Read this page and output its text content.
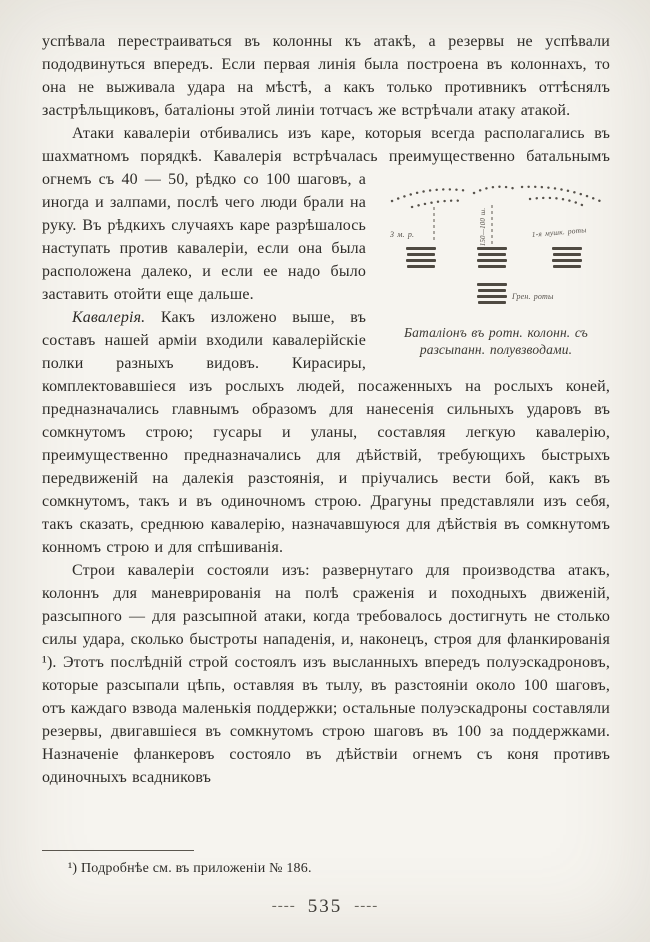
успѣвала перестраиваться въ колонны къ атакѣ, а резервы не успѣвали пододвинуться впередъ. Если первая линія была построена въ колоннахъ, то она не выживала удара на мѣстѣ, а какъ только противникъ оттѣснялъ застрѣльщиковъ, баталіоны этой линіи тотчасъ же встрѣчали атаку атакой.

Атаки кавалеріи отбивались изъ каре, которыя всегда располагались въ шахматномъ порядкѣ. Кавалерія встрѣчалась преимущественно батальнымъ огнемъ съ 40 — 50, рѣдко со 100 шаговъ,
3 м. р.	150—100 ш.	1-я мушк. роты
Грен. роты
Баталіонъ въ ротн. колонн. съ разсыпанн. полувзводами.
а иногда и залпами, послѣ чего люди брали на руку. Въ рѣдкихъ случаяхъ каре разрѣшалось наступать против кавалеріи, если она была расположена далеко, и если ее надо было заставить отойти еще дальше.

Кавалерія. Какъ изложено выше, въ составъ нашей арміи входили кавалерійскіе полки разныхъ видовъ. Кирасиры, комплектовавшіеся изъ рослыхъ людей, посаженныхъ на рослыхъ коней, предназначались главнымъ образомъ для нанесенія сильныхъ ударовъ въ сомкнутомъ строю; гусары и уланы, составляя легкую кавалерію, преимущественно предназначались для дѣйствій, требующихъ быстрыхъ передвиженій на далекія разстоянія, и пріучались вести бой, какъ въ сомкнутомъ, такъ и въ одиночномъ строю. Драгуны представляли изъ себя, такъ сказать, среднюю кавалерію, назначавшуюся для дѣйствія въ сомкнутомъ конномъ строю и для спѣшиванія.

Строи кавалеріи состояли изъ: развернутаго для производства атакъ, колоннъ для маневрированія на полѣ сраженія и походныхъ движеній, разсыпного — для разсыпной атаки, когда требовалось достигнуть не столько силы удара, сколько быстроты нападенія, и, наконецъ, строя для фланкированія ¹). Этотъ послѣдній строй состоялъ изъ высланныхъ впередъ полуэскадроновъ, которые разсыпали цѣпь, оставляя въ тылу, въ разстояніи около 100 шаговъ, отъ каждаго взвода маленькія поддержки; остальные полуэскадроны составляли резервы, двигавшіеся въ сомкнутомъ строю шаговъ въ 100 за поддержками. Назначеніе фланкеровъ состояло въ дѣйствіи огнемъ съ коня противъ одиночныхъ всадниковъ

¹) Подробнѣе см. въ приложеніи № 186.

---- 535 ----
